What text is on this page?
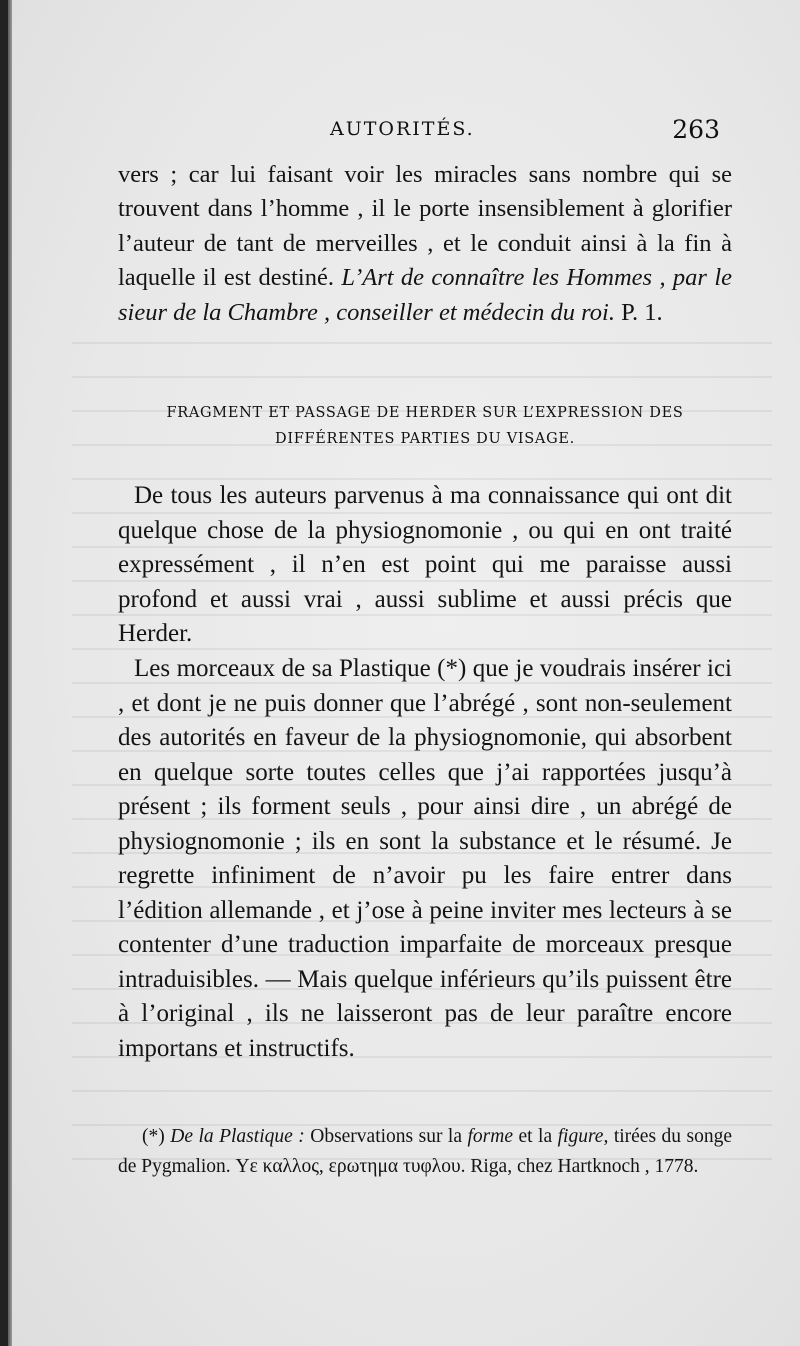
AUTORITÉS.	263
vers ; car lui faisant voir les miracles sans nombre qui se trouvent dans l’homme , il le porte insensiblement à glorifier l’auteur de tant de merveilles , et le conduit ainsi à la fin à laquelle il est destiné. L’Art de connaître les Hommes , par le sieur de la Chambre , conseiller et médecin du roi. P. 1.
FRAGMENT ET PASSAGE DE HERDER SUR L’EXPRESSION DES
DIFFÉRENTES PARTIES DU VISAGE.
De tous les auteurs parvenus à ma connaissance qui ont dit quelque chose de la physiognomonie , ou qui en ont traité expressément , il n’en est point qui me paraisse aussi profond et aussi vrai , aussi sublime et aussi précis que Herder.
Les morceaux de sa Plastique (*) que je voudrais insérer ici , et dont je ne puis donner que l’abrégé , sont non-seulement des autorités en faveur de la physiognomonie, qui absorbent en quelque sorte toutes celles que j’ai rapportées jusqu’à présent ; ils forment seuls , pour ainsi dire , un abrégé de physiognomonie ; ils en sont la substance et le résumé. Je regrette infiniment de n’avoir pu les faire entrer dans l’édition allemande , et j’ose à peine inviter mes lecteurs à se contenter d’une traduction imparfaite de morceaux presque intraduisibles. — Mais quelque inférieurs qu’ils puissent être à l’original , ils ne laisseront pas de leur paraître encore importans et instructifs.
(*) De la Plastique : Observations sur la forme et la figure, tirées du songe de Pygmalion. Υε καλλος, ερωτημα τυφλου. Riga, chez Hartknoch , 1778.
